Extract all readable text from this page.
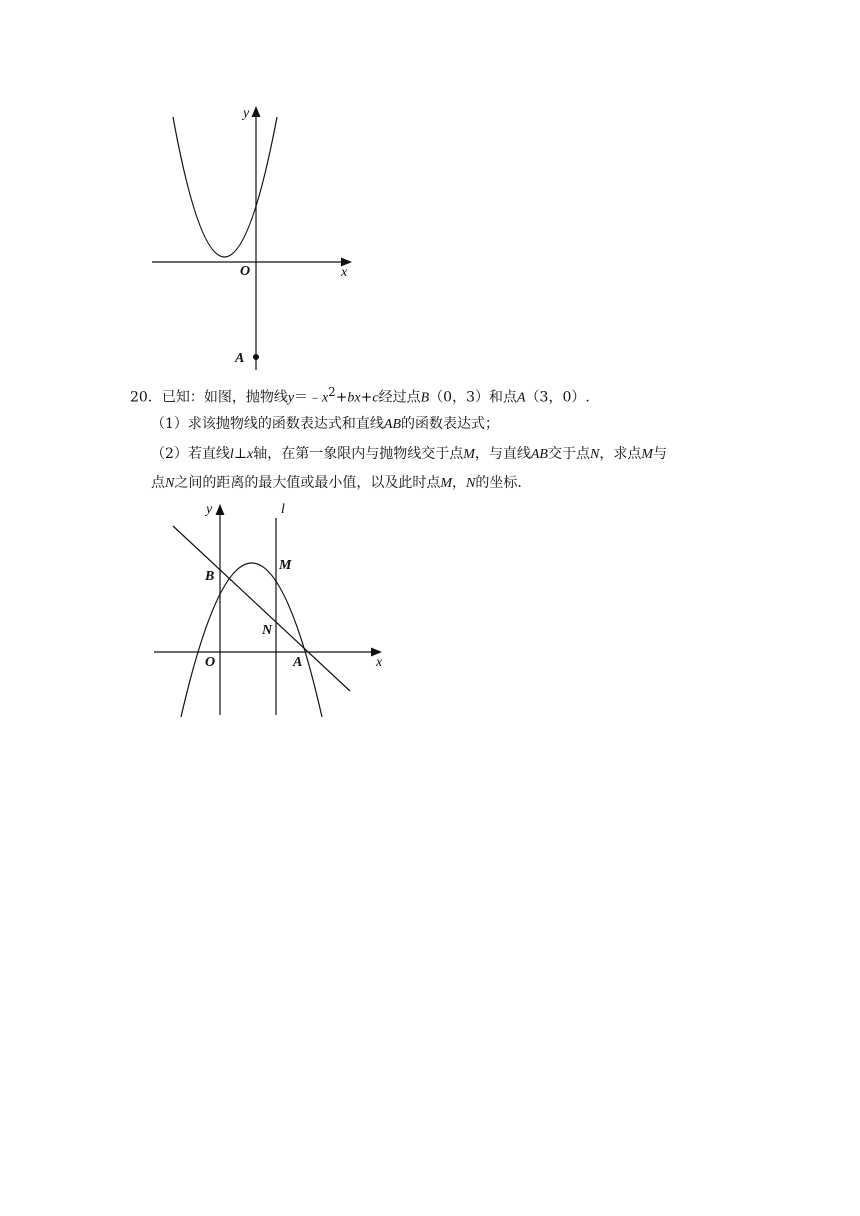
y
x
O
A
20．已知：如图，抛物线$y=﹣x^2+bx+c$经过点B（0，3）和点A（3，0）.
（1）求该抛物线的函数表达式和直线AB的函数表达式；
（2）若直线l⊥x轴，在第一象限内与抛物线交于点M，与直线AB交于点N，求点M与
点N之间的距离的最大值或最小值，以及此时点M，N的坐标.
y	l
B
M
N
O	A	x
